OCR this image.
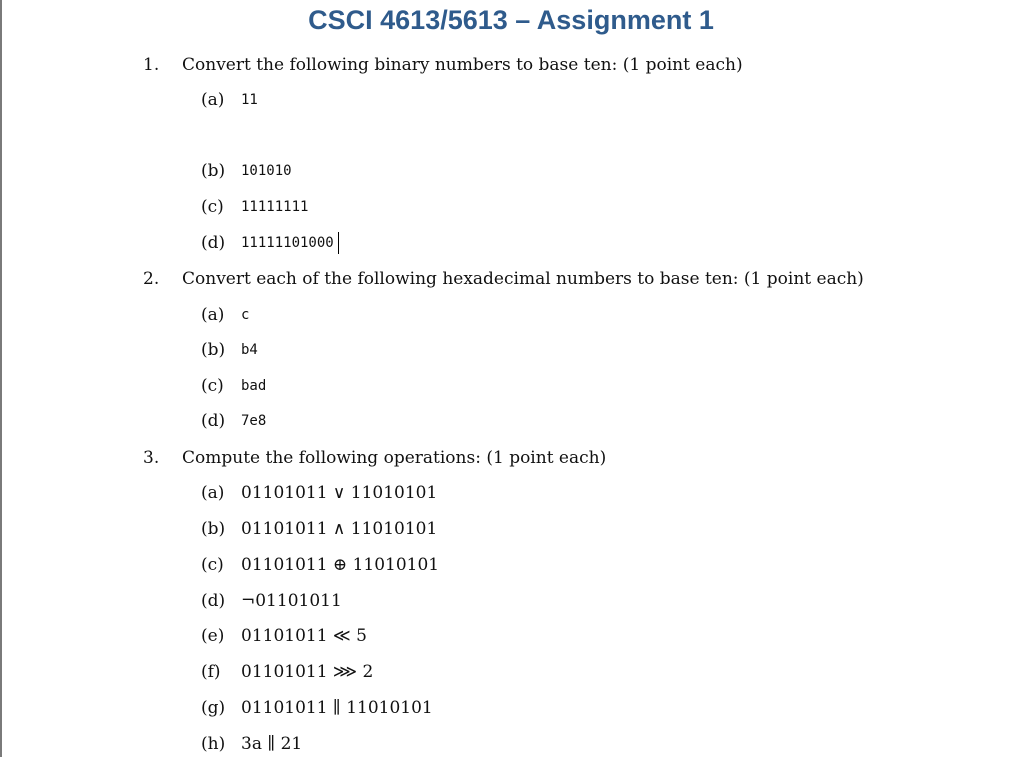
CSCI 4613/5613 – Assignment 1
1. Convert the following binary numbers to base ten: (1 point each)
(a) 11
(b) 101010
(c) 11111111
(d) 11111101000
2. Convert each of the following hexadecimal numbers to base ten: (1 point each)
(a) c
(b) b4
(c) bad
(d) 7e8
3. Compute the following operations: (1 point each)
(a) 01101011 ∨ 11010101
(b) 01101011 ∧ 11010101
(c) 01101011 ⊕ 11010101
(d) ¬01101011
(e) 01101011 ≪ 5
(f) 01101011 ⋙ 2
(g) 01101011 ∥ 11010101
(h) 3a ∥ 21
